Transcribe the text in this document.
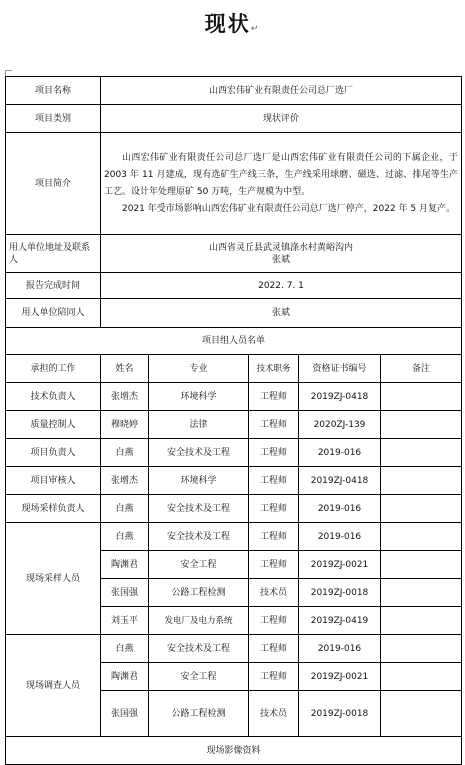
现状↵
项目名称	山西宏伟矿业有限责任公司总厂选厂				
项目类别	现状评价				
项目简介	山西宏伟矿业有限责任公司总厂选厂是山西宏伟矿业有限责任公司的下属企业，于 2003 年 11 月建成，现有选矿生产线三条，生产线采用球磨、磁选、过滤、排尾等生产工艺。设计年处理原矿 50 万吨，生产规模为中型。

2021 年受市场影响山西宏伟矿业有限责任公司总厂选厂停产，2022 年 5 月复产。				

用人单位地址及联系人	山西省灵丘县武灵镇涤水村黄峪沟内
张斌				

报告完成时间	2022. 7. 1				
用人单位陪同人	张斌				
项目组人员名单					
承担的工作	姓名	专业	技术职务	资格证书编号	备注
技术负责人	张增杰	环境科学	工程师	2019ZJ-0418	
质量控制人	穆晓婷	法律	工程师	2020ZJ-139	
项目负责人	白燕	安全技术及工程	工程师	2019-016	
项目审核人	张增杰	环境科学	工程师	2019ZJ-0418	
现场采样负责人	白燕	安全技术及工程	工程师	2019-016	
现场采样人员	白燕	安全技术及工程	工程师	2019-016	
	陶渊君	安全工程	工程师	2019ZJ-0021	
	张国强	公路工程检测	技术员	2019ZJ-0018	
	刘玉平	发电厂及电力系统	工程师	2019ZJ-0419	
现场调查人员	白燕	安全技术及工程	工程师	2019-016	
	陶渊君	安全工程	工程师	2019ZJ-0021	
	张国强	公路工程检测	技术员	2019ZJ-0018	
现场影像资料					
